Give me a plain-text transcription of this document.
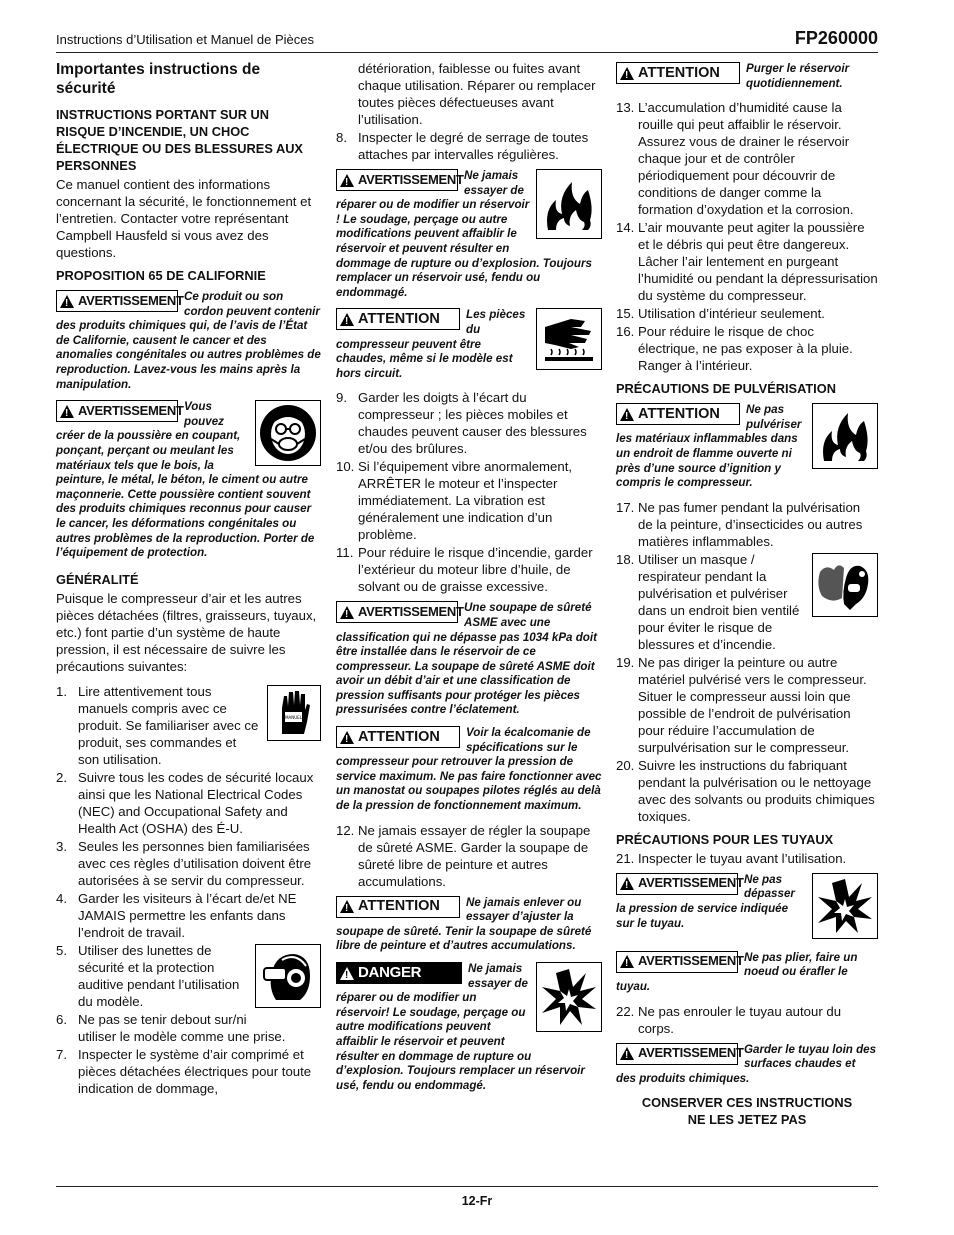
Instructions d’Utilisation et Manuel de Pièces	FP260000
Importantes instructions de sécurité
INSTRUCTIONS PORTANT SUR UN RISQUE D’INCENDIE, UN CHOC ÉLECTRIQUE OU DES BLESSURES AUX PERSONNES

Ce manuel contient des informations concernant la sécurité, le fonctionnement et l’entretien. Contacter votre représentant Campbell Hausfeld si vous avez des questions.

PROPOSITION 65 DE CALIFORNIE
!
AVERTISSEMENT Ce produit ou son cordon peuvent contenir des produits chimiques qui, de l’avis de l’État de Californie, causent le cancer et des anomalies congénitales ou autres problèmes de reproduction. Lavez-vous les mains après la manipulation.
!
AVERTISSEMENT Vous pouvez créer de la poussière en coupant, ponçant, perçant ou meulant les matériaux tels que le bois, la peinture, le métal, le béton, le ciment ou autre maçonnerie. Cette poussière contient souvent des produits chimiques reconnus pour causer le cancer, les déformations congénitales ou autres problèmes de la reproduction. Porter de l’équipement de protection.
GÉNÉRALITÉ

Puisque le compresseur d’air et les autres pièces détachées (filtres, graisseurs, tuyaux, etc.) font partie d’un système de haute pression, il est nécessaire de suivre les précautions suivantes:

1.
MANUEL
Lire attentivement tous manuels compris avec ce produit. Se familiariser avec ce produit, ses commandes et son utilisation.
2. Suivre tous les codes de sécurité locaux ainsi que les National Electrical Codes (NEC) and Occupational Safety and Health Act (OSHA) des É-U.
3. Seules les personnes bien familiarisées avec ces règles d’utilisation doivent être autorisées à se servir du compresseur.
4. Garder les visiteurs à l’écart de/et NE JAMAIS permettre les enfants dans l’endroit de travail.
5. Utiliser des lunettes de sécurité et la protection auditive pendant l’utilisation du modèle.
6. Ne pas se tenir debout sur/ni utiliser le modèle comme une prise.
7. Inspecter le système d’air comprimé et pièces détachées électriques pour toute indication de dommage,

détérioration, faiblesse ou fuites avant chaque utilisation. Réparer ou remplacer toutes pièces défectueuses avant l’utilisation.

8. Inspecter le degré de serrage de toutes attaches par intervalles régulières.
!
AVERTISSEMENT Ne jamais essayer de réparer ou de modifier un réservoir ! Le soudage, perçage ou autre modifications peuvent affaiblir le réservoir et peuvent résulter en dommage de rupture ou d’explosion. Toujours remplacer un réservoir usé, fendu ou endommagé.
!
ATTENTION Les pièces du compresseur peuvent être chaudes, même si le modèle est hors circuit.
9. Garder les doigts à l’écart du compresseur ; les pièces mobiles et chaudes peuvent causer des blessures et/ou des brûlures.
10. Si l’équipement vibre anormalement, ARRÊTER le moteur et l’inspecter immédiatement. La vibration est généralement une indication d’un problème.
11. Pour réduire le risque d’incendie, garder l’extérieur du moteur libre d’huile, de solvant ou de graisse excessive.
!
AVERTISSEMENT Une soupape de sûreté ASME avec une classification qui ne dépasse pas 1034 kPa doit être installée dans le réservoir de ce compresseur. La soupape de sûreté ASME doit avoir un débit d’air et une classification de pression suffisants pour protéger les pièces pressurisées contre l’éclatement.
!
ATTENTION Voir la écalcomanie de spécifications sur le compresseur pour retrouver la pression de service maximum. Ne pas faire fonctionner avec un manostat ou soupapes pilotes réglés au delà de la pression de fonctionnement maximum.
12. Ne jamais essayer de régler la soupape de sûreté ASME. Garder la soupape de sûreté libre de peinture et autres accumulations.
!
ATTENTION Ne jamais enlever ou essayer d’ajuster la soupape de sûreté. Tenir la soupape de sûreté libre de peinture et d’autres accumulations.
!
DANGER	Ne jamais essayer de réparer ou de modifier un réservoir! Le soudage, perçage ou autre modifications peuvent affaiblir le réservoir et peuvent résulter en dommage de rupture ou d’explosion. Toujours remplacer un réservoir usé, fendu ou endommagé.
!
ATTENTION Purger le réservoir quotidiennement.
13. L’accumulation d’humidité cause la rouille qui peut affaiblir le réservoir. Assurez vous de drainer le réservoir chaque jour et de contrôler périodiquement pour découvrir de conditions de danger comme la formation d’oxydation et la corrosion.
14. L’air mouvante peut agiter la poussière et le débris qui peut être dangereux. Lâcher l’air lentement en purgeant l’humidité ou pendant la dépressurisation du système du compresseur.
15. Utilisation d’intérieur seulement.
16. Pour réduire le risque de choc électrique, ne pas exposer à la pluie. Ranger à l’intérieur.
PRÉCAUTIONS DE PULVÉRISATION
!
ATTENTION Ne pas pulvériser les matériaux inflammables dans un endroit de flamme ouverte ni près d’une source d’ignition y compris le compresseur.
17. Ne pas fumer pendant la pulvérisation de la peinture, d’insecticides ou autres matières inflammables.
18. Utiliser un masque / respirateur pendant la pulvérisation et pulvériser dans un endroit bien ventilé pour éviter le risque de blessures et d’incendie.
19. Ne pas diriger la peinture ou autre matériel pulvérisé vers le compresseur. Situer le compresseur aussi loin que possible de l’endroit de pulvérisation pour réduire l’accumulation de surpulvérisation sur le compresseur.
20. Suivre les instructions du fabriquant pendant la pulvérisation ou le nettoyage avec des solvants ou produits chimiques toxiques.
PRÉCAUTIONS POUR LES TUYAUX
21. Inspecter le tuyau avant l’utilisation.
!
AVERTISSEMENT Ne pas dépasser la pression de service indiquée sur le tuyau.
!
AVERTISSEMENT Ne pas plier, faire un noeud ou érafler le tuyau.
22. Ne pas enrouler le tuyau autour du corps.
!
AVERTISSEMENT Garder le tuyau loin des surfaces chaudes et des produits chimiques.
CONSERVER CES INSTRUCTIONS
NE LES JETEZ PAS
12-Fr
